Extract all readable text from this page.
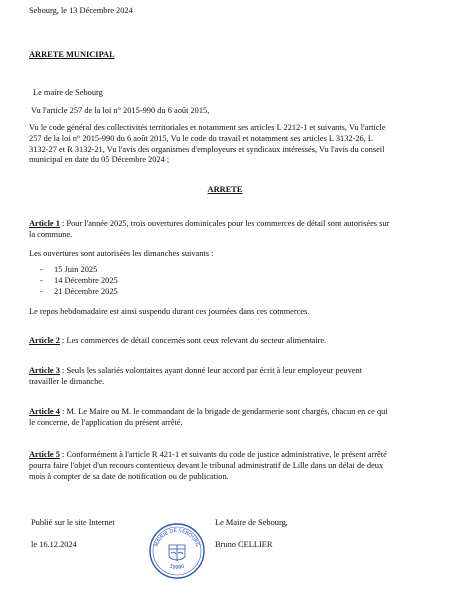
Sebourg, le 13 Décembre 2024
ARRETE MUNICIPAL
Le maire de Sebourg
Vu l'article 257 de la loi n° 2015-990 du 6 août 2015,
Vu le code général des collectivités territoriales et notamment ses articles L 2212-1 et suivants, Vu l'article
257 de la loi n° 2015-990 du 6 août 2015, Vu le code du travail et notamment ses articles L 3132-26, L
3132-27 et R 3132-21, Vu l'avis des organismes d'employeurs et syndicaux intéressés, Vu l'avis du conseil
municipal en date du 05 Décembre 2024 ;
ARRETE
Article 1 : Pour l'année 2025, trois ouvertures dominicales pour les commerces de détail sont autorisées sur
la commune.
Les ouvertures sont autorisées les dimanches suivants :
-	15 Juin 2025
-	14 Décembre 2025
-	21 Décembre 2025
Le repos hebdomadaire est ainsi suspendu durant ces journées dans ces commerces.
Article 2 : Les commerces de détail concernés sont ceux relevant du secteur alimentaire.
Article 3 : Seuls les salariés volontaires ayant donné leur accord par écrit à leur employeur peuvent
travailler le dimanche.
Article 4 : M. Le Maire ou M. le commandant de la brigade de gendarmerie sont chargés, chacun en ce qui
le concerne, de l'application du présent arrêté.
Article 5 : Conformément à l'article R 421-1 et suivants du code de justice administrative, le présent arrêté
pourra faire l'objet d'un recours contentieux devant le tribunal administratif de Lille dans un délai de deux
mois à compter de sa date de notification ou de publication.
Publié sur le site Internet
le 16.12.2024	MAIRIE DE SEBOURG
59990
Le Maire de Sebourg,
Bruno CELLIER
